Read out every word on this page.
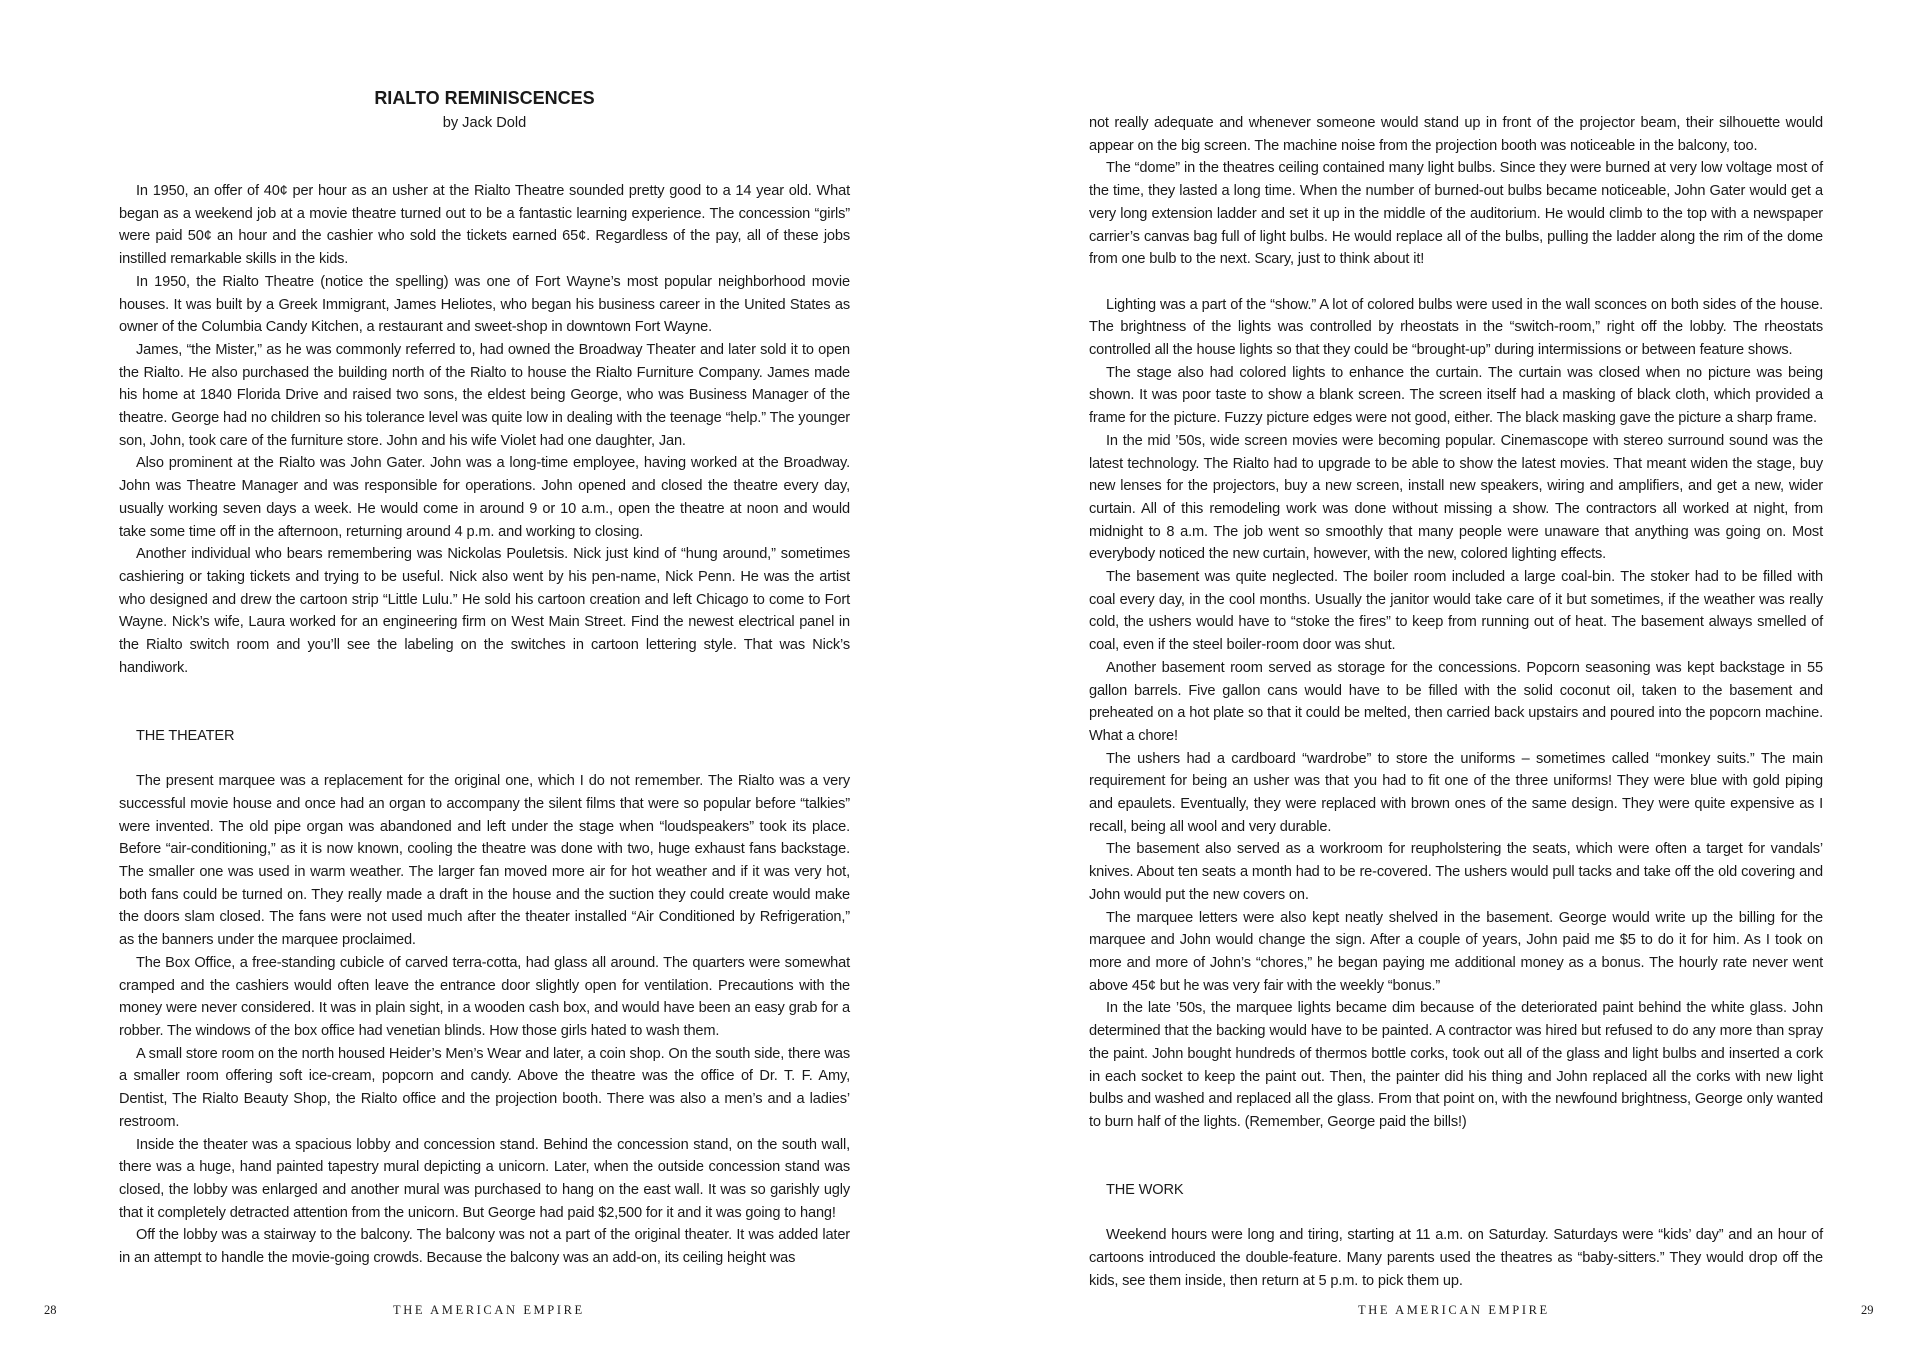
RIALTO REMINISCENCES
by Jack Dold

In 1950, an offer of 40¢ per hour as an usher at the Rialto Theatre sounded pretty good to a 14 year old. What began as a weekend job at a movie theatre turned out to be a fantastic learning experience. The concession “girls” were paid 50¢ an hour and the cashier who sold the tickets earned 65¢. Regardless of the pay, all of these jobs instilled remarkable skills in the kids.

In 1950, the Rialto Theatre (notice the spelling) was one of Fort Wayne’s most popular neighborhood movie houses. It was built by a Greek Immigrant, James Heliotes, who began his business career in the United States as owner of the Columbia Candy Kitchen, a restaurant and sweet-shop in downtown Fort Wayne.

James, “the Mister,” as he was commonly referred to, had owned the Broadway Theater and later sold it to open the Rialto. He also purchased the building north of the Rialto to house the Rialto Furniture Company. James made his home at 1840 Florida Drive and raised two sons, the eldest being George, who was Business Manager of the theatre. George had no children so his tolerance level was quite low in dealing with the teenage “help.” The younger son, John, took care of the furniture store. John and his wife Violet had one daughter, Jan.

Also prominent at the Rialto was John Gater. John was a long-time employee, having worked at the Broadway. John was Theatre Manager and was responsible for operations. John opened and closed the theatre every day, usually working seven days a week. He would come in around 9 or 10 a.m., open the theatre at noon and would take some time off in the afternoon, returning around 4 p.m. and working to closing.

Another individual who bears remembering was Nickolas Pouletsis. Nick just kind of “hung around,” sometimes cashiering or taking tickets and trying to be useful. Nick also went by his pen-name, Nick Penn. He was the artist who designed and drew the cartoon strip “Little Lulu.” He sold his cartoon creation and left Chicago to come to Fort Wayne. Nick’s wife, Laura worked for an engineering firm on West Main Street. Find the newest electrical panel in the Rialto switch room and you’ll see the labeling on the switches in cartoon lettering style. That was Nick’s handiwork.

THE THEATER

The present marquee was a replacement for the original one, which I do not remember. The Rialto was a very successful movie house and once had an organ to accompany the silent films that were so popular before “talkies” were invented. The old pipe organ was abandoned and left under the stage when “loudspeakers” took its place. Before “air-conditioning,” as it is now known, cooling the theatre was done with two, huge exhaust fans backstage. The smaller one was used in warm weather. The larger fan moved more air for hot weather and if it was very hot, both fans could be turned on. They really made a draft in the house and the suction they could create would make the doors slam closed. The fans were not used much after the theater installed “Air Conditioned by Refrigeration,” as the banners under the marquee proclaimed.

The Box Office, a free-standing cubicle of carved terra-cotta, had glass all around. The quarters were somewhat cramped and the cashiers would often leave the entrance door slightly open for ventilation. Precautions with the money were never considered. It was in plain sight, in a wooden cash box, and would have been an easy grab for a robber. The windows of the box office had venetian blinds. How those girls hated to wash them.

A small store room on the north housed Heider’s Men’s Wear and later, a coin shop. On the south side, there was a smaller room offering soft ice-cream, popcorn and candy. Above the theatre was the office of Dr. T. F. Amy, Dentist, The Rialto Beauty Shop, the Rialto office and the projection booth. There was also a men’s and a ladies’ restroom.

Inside the theater was a spacious lobby and concession stand. Behind the concession stand, on the south wall, there was a huge, hand painted tapestry mural depicting a unicorn. Later, when the outside concession stand was closed, the lobby was enlarged and another mural was purchased to hang on the east wall. It was so garishly ugly that it completely detracted attention from the unicorn. But George had paid $2,500 for it and it was going to hang!

Off the lobby was a stairway to the balcony. The balcony was not a part of the original theater. It was added later in an attempt to handle the movie-going crowds. Because the balcony was an add-on, its ceiling height was

28	THE AMERICAN EMPIRE

not really adequate and whenever someone would stand up in front of the projector beam, their silhouette would appear on the big screen. The machine noise from the projection booth was noticeable in the balcony, too.

The “dome” in the theatres ceiling contained many light bulbs. Since they were burned at very low voltage most of the time, they lasted a long time. When the number of burned-out bulbs became noticeable, John Gater would get a very long extension ladder and set it up in the middle of the auditorium. He would climb to the top with a newspaper carrier’s canvas bag full of light bulbs. He would replace all of the bulbs, pulling the ladder along the rim of the dome from one bulb to the next. Scary, just to think about it!

Lighting was a part of the “show.” A lot of colored bulbs were used in the wall sconces on both sides of the house. The brightness of the lights was controlled by rheostats in the “switch-room,” right off the lobby. The rheostats controlled all the house lights so that they could be “brought-up” during intermissions or between feature shows.

The stage also had colored lights to enhance the curtain. The curtain was closed when no picture was being shown. It was poor taste to show a blank screen. The screen itself had a masking of black cloth, which provided a frame for the picture. Fuzzy picture edges were not good, either. The black masking gave the picture a sharp frame.

In the mid ’50s, wide screen movies were becoming popular. Cinemascope with stereo surround sound was the latest technology. The Rialto had to upgrade to be able to show the latest movies. That meant widen the stage, buy new lenses for the projectors, buy a new screen, install new speakers, wiring and amplifiers, and get a new, wider curtain. All of this remodeling work was done without missing a show. The contractors all worked at night, from midnight to 8 a.m. The job went so smoothly that many people were unaware that anything was going on. Most everybody noticed the new curtain, however, with the new, colored lighting effects.

The basement was quite neglected. The boiler room included a large coal-bin. The stoker had to be filled with coal every day, in the cool months. Usually the janitor would take care of it but sometimes, if the weather was really cold, the ushers would have to “stoke the fires” to keep from running out of heat. The basement always smelled of coal, even if the steel boiler-room door was shut.

Another basement room served as storage for the concessions. Popcorn seasoning was kept backstage in 55 gallon barrels. Five gallon cans would have to be filled with the solid coconut oil, taken to the basement and preheated on a hot plate so that it could be melted, then carried back upstairs and poured into the popcorn machine. What a chore!

The ushers had a cardboard “wardrobe” to store the uniforms – sometimes called “monkey suits.” The main requirement for being an usher was that you had to fit one of the three uniforms! They were blue with gold piping and epaulets. Eventually, they were replaced with brown ones of the same design. They were quite expensive as I recall, being all wool and very durable.

The basement also served as a workroom for reupholstering the seats, which were often a target for vandals’ knives. About ten seats a month had to be re-covered. The ushers would pull tacks and take off the old covering and John would put the new covers on.

The marquee letters were also kept neatly shelved in the basement. George would write up the billing for the marquee and John would change the sign. After a couple of years, John paid me $5 to do it for him. As I took on more and more of John’s “chores,” he began paying me additional money as a bonus. The hourly rate never went above 45¢ but he was very fair with the weekly “bonus.”

In the late ’50s, the marquee lights became dim because of the deteriorated paint behind the white glass. John determined that the backing would have to be painted. A contractor was hired but refused to do any more than spray the paint. John bought hundreds of thermos bottle corks, took out all of the glass and light bulbs and inserted a cork in each socket to keep the paint out. Then, the painter did his thing and John replaced all the corks with new light bulbs and washed and replaced all the glass. From that point on, with the newfound brightness, George only wanted to burn half of the lights. (Remember, George paid the bills!)

THE WORK

Weekend hours were long and tiring, starting at 11 a.m. on Saturday. Saturdays were “kids’ day” and an hour of cartoons introduced the double-feature. Many parents used the theatres as “baby-sitters.” They would drop off the kids, see them inside, then return at 5 p.m. to pick them up.

THE AMERICAN EMPIRE	29
